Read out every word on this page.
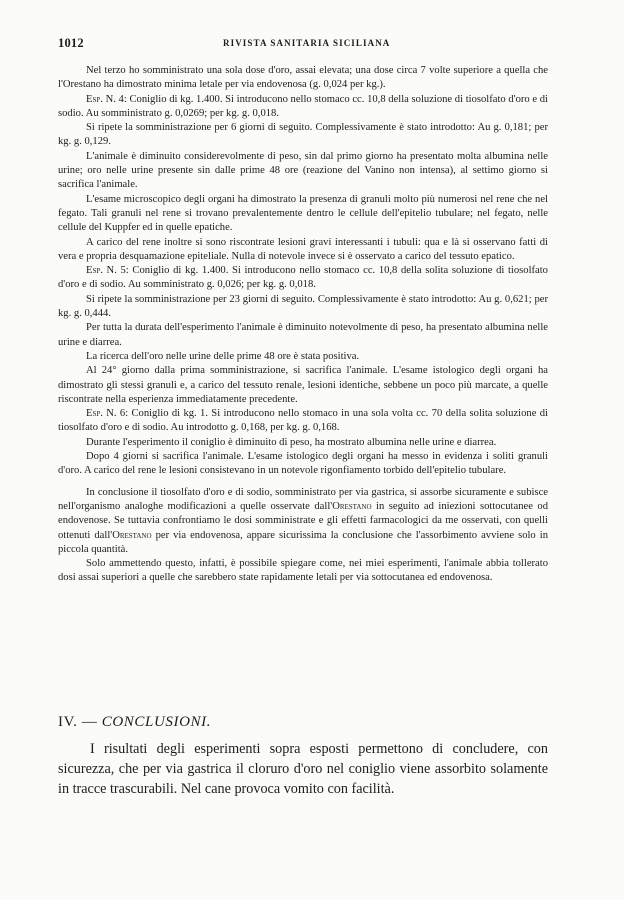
1012	RIVISTA SANITARIA SICILIANA

Nel terzo ho somministrato una sola dose d'oro, assai elevata; una dose circa 7 volte superiore a quella che l'Orestano ha dimostrato minima letale per via endovenosa (g. 0,024 per kg.).

Esp. N. 4: Coniglio di kg. 1.400. Si introducono nello stomaco cc. 10,8 della soluzione di tiosolfato d'oro e di sodio. Au somministrato g. 0,0269; per kg. g. 0,018.

Si ripete la somministrazione per 6 giorni di seguito. Complessivamente è stato introdotto: Au g. 0,181; per kg. g. 0,129.

L'animale è diminuito considerevolmente di peso, sin dal primo giorno ha presentato molta albumina nelle urine; oro nelle urine presente sin dalle prime 48 ore (reazione del Vanino non intensa), al settimo giorno si sacrifica l'animale.

L'esame microscopico degli organi ha dimostrato la presenza di granuli molto più numerosi nel rene che nel fegato. Tali granuli nel rene si trovano prevalentemente dentro le cellule dell'epitelio tubulare; nel fegato, nelle cellule del Kuppfer ed in quelle epatiche.

A carico del rene inoltre si sono riscontrate lesioni gravi interessanti i tubuli: qua e là si osservano fatti di vera e propria desquamazione epiteliale. Nulla di notevole invece si è osservato a carico del tessuto epatico.

Esp. N. 5: Coniglio di kg. 1.400. Si introducono nello stomaco cc. 10,8 della solita soluzione di tiosolfato d'oro e di sodio. Au somministrato g. 0,026; per kg. g. 0,018.

Si ripete la somministrazione per 23 giorni di seguito. Complessivamente è stato introdotto: Au g. 0,621; per kg. g. 0,444.

Per tutta la durata dell'esperimento l'animale è diminuito notevolmente di peso, ha presentato albumina nelle urine e diarrea.

La ricerca dell'oro nelle urine delle prime 48 ore è stata positiva.

Al 24° giorno dalla prima somministrazione, si sacrifica l'animale. L'esame istologico degli organi ha dimostrato gli stessi granuli e, a carico del tessuto renale, lesioni identiche, sebbene un poco più marcate, a quelle riscontrate nella esperienza immediatamente precedente.

Esp. N. 6: Coniglio di kg. 1. Si introducono nello stomaco in una sola volta cc. 70 della solita soluzione di tiosolfato d'oro e di sodio. Au introdotto g. 0,168, per kg. g. 0,168.

Durante l'esperimento il coniglio è diminuito di peso, ha mostrato albumina nelle urine e diarrea.

Dopo 4 giorni si sacrifica l'animale. L'esame istologico degli organi ha messo in evidenza i soliti granuli d'oro. A carico del rene le lesioni consistevano in un notevole rigonfiamento torbido dell'epitelio tubulare.

In conclusione il tiosolfato d'oro e di sodio, somministrato per via gastrica, si assorbe sicuramente e subisce nell'organismo analoghe modificazioni a quelle osservate dall'Orestano in seguito ad iniezioni sottocutanee od endovenose. Se tuttavia confrontiamo le dosi somministrate e gli effetti farmacologici da me osservati, con quelli ottenuti dall'Orestano per via endovenosa, appare sicurissima la conclusione che l'assorbimento avviene solo in piccola quantità.

Solo ammettendo questo, infatti, è possibile spiegare come, nei miei esperimenti, l'animale abbia tollerato dosi assai superiori a quelle che sarebbero state rapidamente letali per via sottocutanea ed endovenosa.

IV. — CONCLUSIONI.

I risultati degli esperimenti sopra esposti permettono di concludere, con sicurezza, che per via gastrica il cloruro d'oro nel coniglio viene assorbito solamente in tracce trascurabili. Nel cane provoca vomito con facilità.
